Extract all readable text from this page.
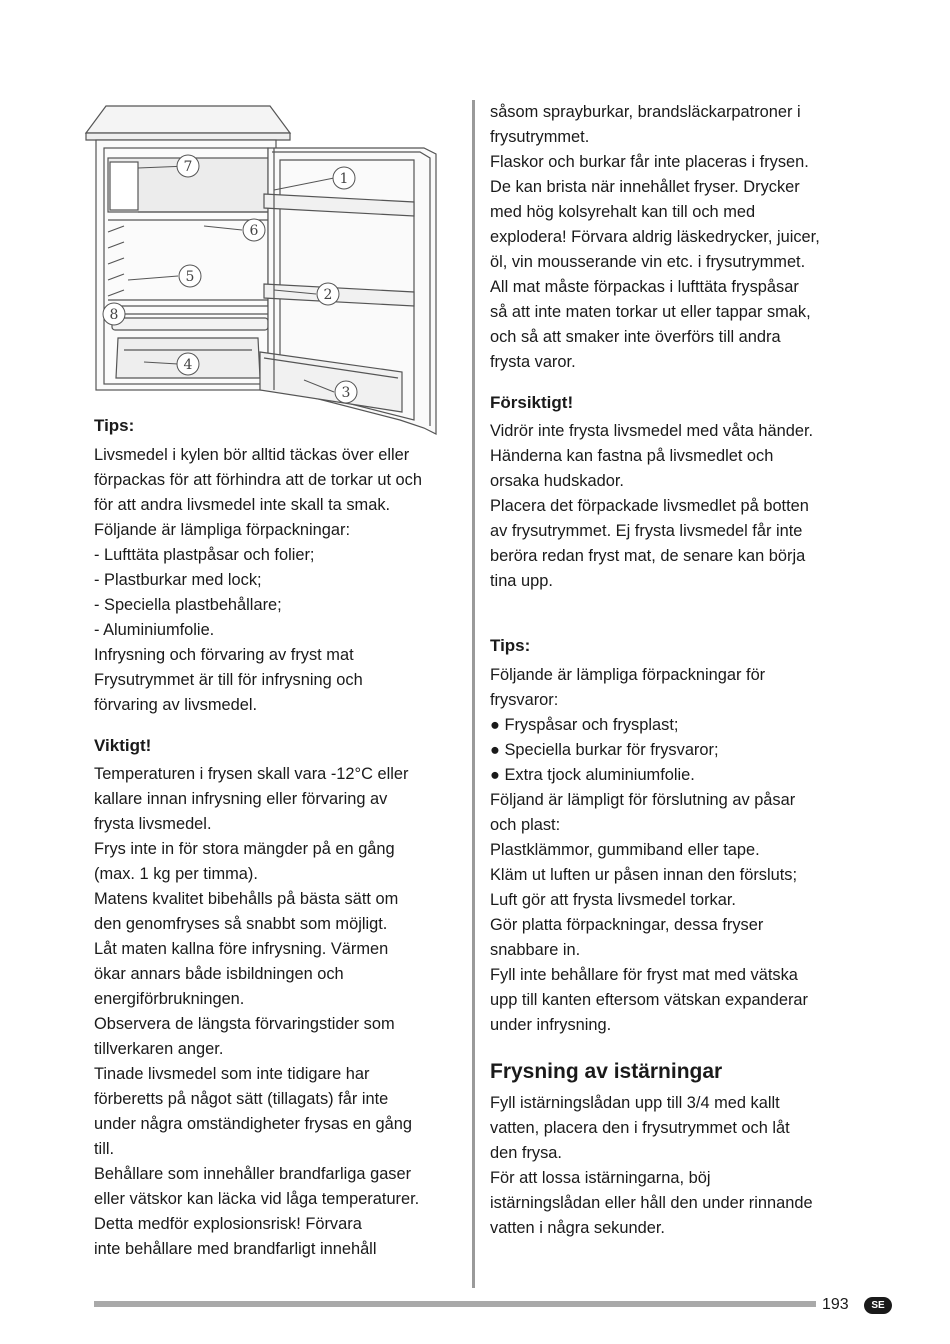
7
1
6
5
2
8
4
3
Tips:

Livsmedel i kylen bör alltid täckas över eller

förpackas för att förhindra att de torkar ut och

för att andra livsmedel inte skall ta smak.

Följande är lämpliga förpackningar:

- Lufttäta plastpåsar och folier;

- Plastburkar med lock;

- Speciella plastbehållare;

- Aluminiumfolie.

Infrysning och förvaring av fryst mat

Frysutrymmet är till för infrysning och

förvaring av livsmedel.

Viktigt!

Temperaturen i frysen skall vara -12°C eller

kallare innan infrysning eller förvaring av

frysta livsmedel.

Frys inte in för stora mängder på en gång

(max. 1 kg per timma).

Matens kvalitet bibehålls på bästa sätt om

den genomfryses så snabbt som möjligt.

Låt maten kallna före infrysning. Värmen

ökar annars både isbildningen och

energiförbrukningen.

Observera de längsta förvaringstider som

tillverkaren anger.

Tinade livsmedel som inte tidigare har

förberetts på något sätt (tillagats) får inte

under några omständigheter frysas en gång

till.

Behållare som innehåller brandfarliga gaser

eller vätskor kan läcka vid låga temperaturer.

Detta medför explosionsrisk! Förvara

inte behållare med brandfarligt innehåll

såsom sprayburkar, brandsläckarpatroner i

frysutrymmet.

Flaskor och burkar får inte placeras i frysen.

De kan brista när innehållet fryser. Drycker

med hög kolsyrehalt kan till och med

explodera! Förvara aldrig läskedrycker, juicer,

öl, vin mousserande vin etc. i frysutrymmet.

All mat måste förpackas i lufttäta fryspåsar

så att inte maten torkar ut eller tappar smak,

och så att smaker inte överförs till andra

frysta varor.

Försiktigt!

Vidrör inte frysta livsmedel med våta händer.

Händerna kan fastna på livsmedlet och

orsaka hudskador.

Placera det förpackade livsmedlet på botten

av frysutrymmet. Ej frysta livsmedel får inte

beröra redan fryst mat, de senare kan börja

tina upp.

Tips:

Följande är lämpliga förpackningar för

frysvaror:

● Fryspåsar och frysplast;

● Speciella burkar för frysvaror;

● Extra tjock aluminiumfolie.

Följand är lämpligt för förslutning av påsar

och plast:

Plastklämmor, gummiband eller tape.

Kläm ut luften ur påsen innan den försluts;

Luft gör att frysta livsmedel torkar.

Gör platta förpackningar, dessa fryser

snabbare in.

Fyll inte behållare för fryst mat med vätska

upp till kanten eftersom vätskan expanderar

under infrysning.

Frysning av istärningar

Fyll istärningslådan upp till 3/4 med kallt

vatten, placera den i frysutrymmet och låt

den frysa.

För att lossa istärningarna, böj

istärningslådan eller håll den under rinnande

vatten i några sekunder.

193	SE
